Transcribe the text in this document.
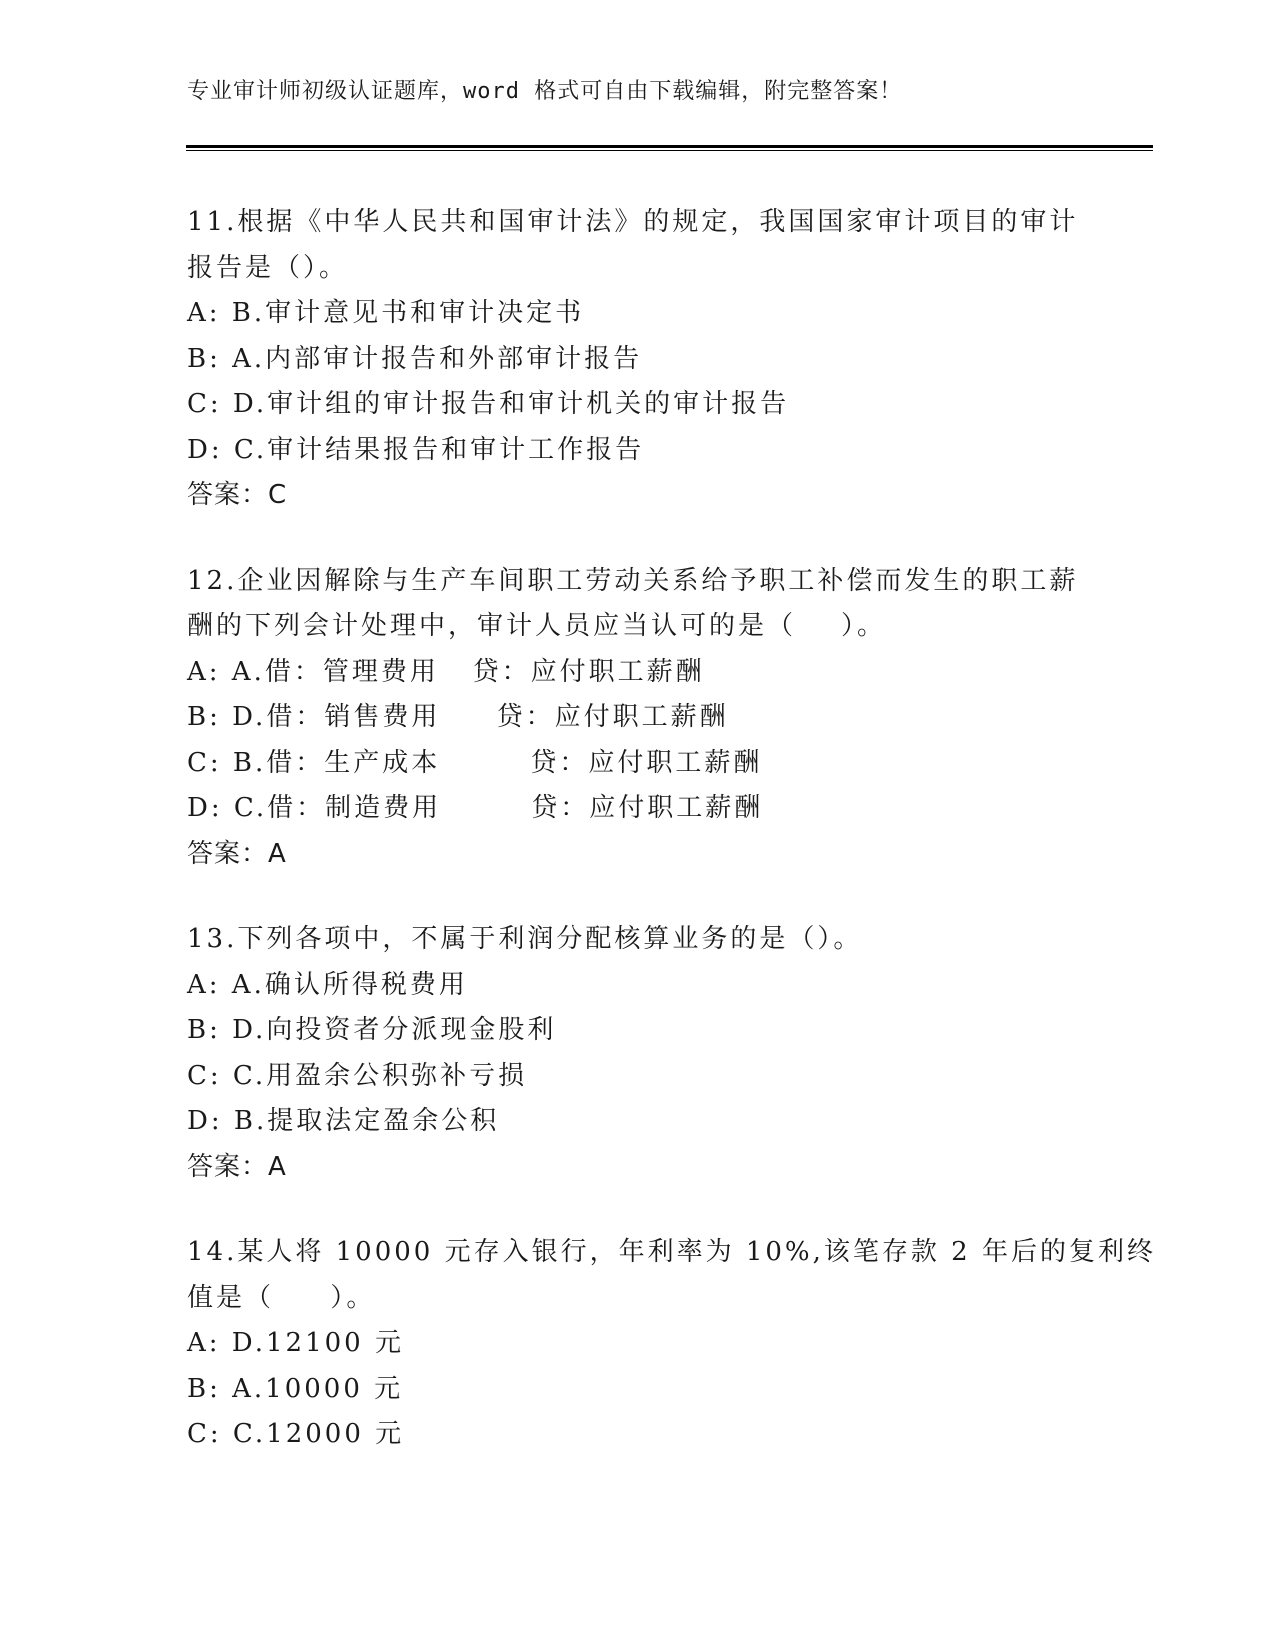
专业审计师初级认证题库，word 格式可自由下载编辑，附完整答案！
11.根据《中华人民共和国审计法》的规定，我国国家审计项目的审计
报告是（）。
A: B.审计意见书和审计决定书
B: A.内部审计报告和外部审计报告
C: D.审计组的审计报告和审计机关的审计报告
D: C.审计结果报告和审计工作报告
答案：C
12.企业因解除与生产车间职工劳动关系给予职工补偿而发生的职工薪
酬的下列会计处理中，审计人员应当认可的是（    ）。
A: A.借：管理费用   贷：应付职工薪酬
B: D.借：销售费用     贷：应付职工薪酬
C: B.借：生产成本        贷：应付职工薪酬
D: C.借：制造费用        贷：应付职工薪酬
答案：A
13.下列各项中，不属于利润分配核算业务的是（）。
A: A.确认所得税费用
B: D.向投资者分派现金股利
C: C.用盈余公积弥补亏损
D: B.提取法定盈余公积
答案：A
14.某人将 10000 元存入银行，年利率为 10%,该笔存款 2 年后的复利终
值是（     ）。
A: D.12100 元
B: A.10000 元
C: C.12000 元
